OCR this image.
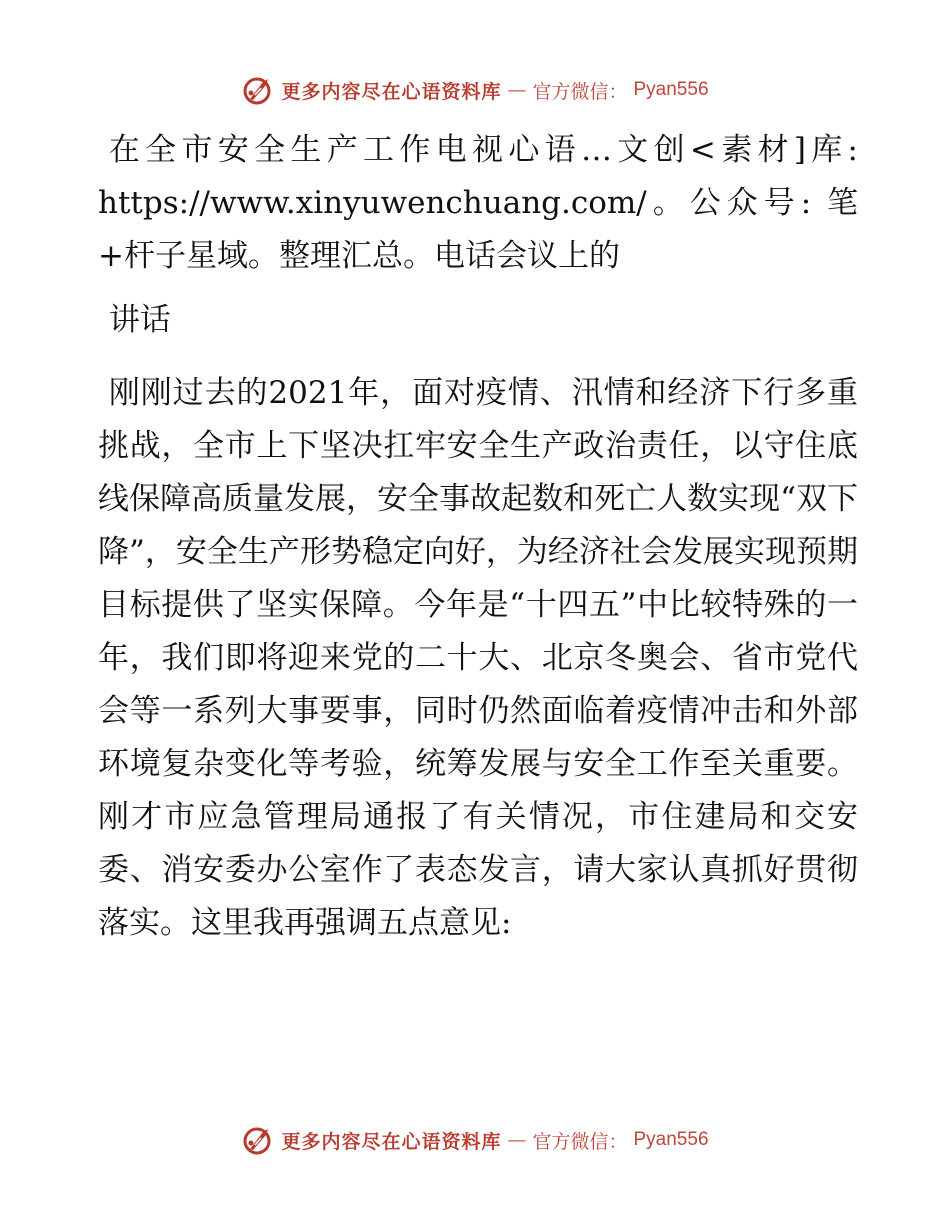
更多内容尽在心语资料库 — 官方微信： Pyan556

在全市安全生产工作电视心语…文创<素材]库: https://www.xinyuwenchuang.com/。公众号: 笔+杆子星域。整理汇总。电话会议上的

讲话

刚刚过去的2021年，面对疫情、汛情和经济下行多重挑战，全市上下坚决扛牢安全生产政治责任，以守住底线保障高质量发展，安全事故起数和死亡人数实现“双下降”，安全生产形势稳定向好，为经济社会发展实现预期目标提供了坚实保障。今年是“十四五”中比较特殊的一年，我们即将迎来党的二十大、北京冬奥会、省市党代会等一系列大事要事，同时仍然面临着疫情冲击和外部环境复杂变化等考验，统筹发展与安全工作至关重要。刚才市应急管理局通报了有关情况，市住建局和交安委、消安委办公室作了表态发言，请大家认真抓好贯彻落实。这里我再强调五点意见:

更多内容尽在心语资料库 — 官方微信： Pyan556
